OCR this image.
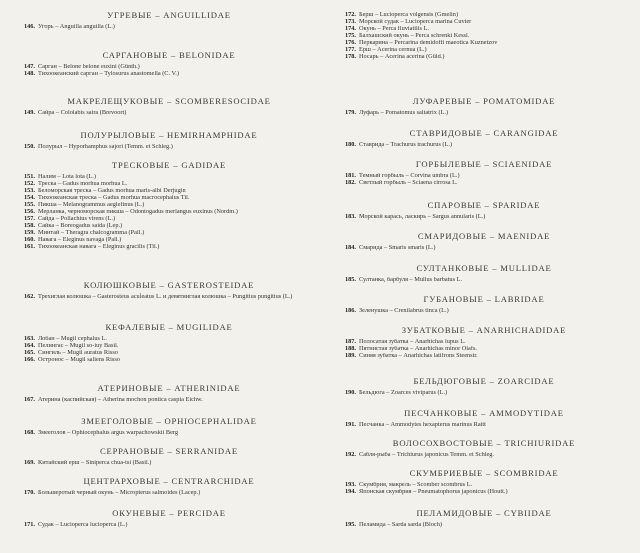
УГРЕВЫЕ – ANGUILLIDAE
146. Угорь – Anguilla anguilla (L.)
САРГАНОВЫЕ – BELONIDAE
147. Сарган – Belone belone euxini (Günth.)
148. Тихоокеанский сарган – Tylosurus anastomella (C. V.)
МАКРЕЛЕЩУКОВЫЕ – SCOMBERESOCIDAE
149. Сайра – Cololabis saira (Brevoort)
ПОЛУРЫЛОВЫЕ – HEMIRHAMPHIDAE
150. Полурыл – Hyporhamphus sajori (Temm. et Schleg.)
ТРЕСКОВЫЕ – GADIDAE
151. Налим – Lota lota (L.)
152. Треска – Gadus morhua morhua L.
153. Беломорская треска – Gadus morhua maris-albi Derjugin
154. Тихоокеанская треска – Gadus morhua macrocephalus Til.
155. Пикша – Melanogrammus aeglefinus (L.)
156. Мерланка, черноморская пикша – Odontogadus merlangus euxinus (Nordm.)
157. Сайда – Pollachius virens (L.)
158. Сайка – Boreogadus saida (Lep.)
159. Минтай – Theragra chalcogramma (Pall.)
160. Навага – Eleginus navaga (Pall.)
161. Тихоокеанская навага – Eleginus gracilis (Til.)
КОЛЮШКОВЫЕ – GASTEROSTEIDAE
162. Трехиглая колюшка – Gasterosteus aculeatus L. и девятииглая колюшка – Pungitius pungitius (L.)
КЕФАЛЕВЫЕ – MUGILIDAE
163. Лобан – Mugil cephalus L.
164. Пелингас – Mugil so-iuy Basil.
165. Сингиль – Mugil auratus Risso
166. Остронос – Mugil saliens Risso
АТЕРИНОВЫЕ – ATHERINIDAE
167. Атерина (каспийская) – Atherina mochon pontica caspia Eichw.
ЗМЕЕГОЛОВЫЕ – OPHIOCEPHALIDAE
168. Змееголов – Ophiocephalus argus warpachowskii Berg
СЕРРАНОВЫЕ – SERRANIDAE
169. Китайский ерш – Siniperca chua-tsi (Basil.)
ЦЕНТРАРХОВЫЕ – CENTRARCHIDAE
170. Большеротый черный окунь – Micropterus salmoides (Lacep.)
ОКУНЕВЫЕ – PERCIDAE
171. Судак – Lucioperca lucioperca (L.)
172. Берш – Lucioperca volgensis (Gmelin)
173. Морской судак – Lucioperca marina Cuvier
174. Окунь – Perca fluviatilis L.
175. Балхашский окунь – Perca schrenki Kessl.
176. Перкарина – Percarina demidoffi maeotica Kuznetzov
177. Ерш – Acerina cernua (L.)
178. Носарь – Acerina acerina (Güld.)
ЛУФАРЕВЫЕ – POMATOMIDAE
179. Луфарь – Pomatomus saltatrix (L.)
СТАВРИДОВЫЕ – CARANGIDAE
180. Ставрида – Trachurus trachurus (L.)
ГОРБЫЛЕВЫЕ – SCIAENIDAE
181. Темный горбыль – Corvina umbra (L.)
182. Светлый горбыль – Sciaena cirrosa L.
СПАРОВЫЕ – SPARIDAE
183. Морской карась, ласкирь – Sargus annularis (L.)
СМАРИДОВЫЕ – MAENIDAE
184. Смарида – Smaris smaris (L.)
СУЛТАНКОВЫЕ – MULLIDAE
185. Султанка, барбуля – Mullus barbatus L.
ГУБАНОВЫЕ – LABRIDAE
186. Зеленушка – Crenilabrus tinca (L.)
ЗУБАТКОВЫЕ – ANARHICHADIDAE
187. Полосатая зубатка – Anarhichas lupus L.
188. Пятнистая зубатка – Anarhichas minor Olafs.
189. Синяя зубатка – Anarhichas latifrons Steenstr.
БЕЛЬДЮГОВЫЕ – ZOARCIDAE
190. Бельдюга – Zoarces viviparus (L.)
ПЕСЧАНКОВЫЕ – AMMODYTIDAE
191. Песчанка – Ammodytes hexapterus marinus Raitt
ВОЛОСОХВОСТОВЫЕ – TRICHIURIDAE
192. Сабля-рыба – Trichiurus japonicus Temm. et Schleg.
СКУМБРИЕВЫЕ – SCOMBRIDAE
193. Скумбрия, макрель – Scomber scombrus L.
194. Японская скумбрия – Pneumatophorus japonicus (Houtt.)
ПЕЛАМИДОВЫЕ – CYBIIDAE
195. Пеламида – Sarda sarda (Bloch)
